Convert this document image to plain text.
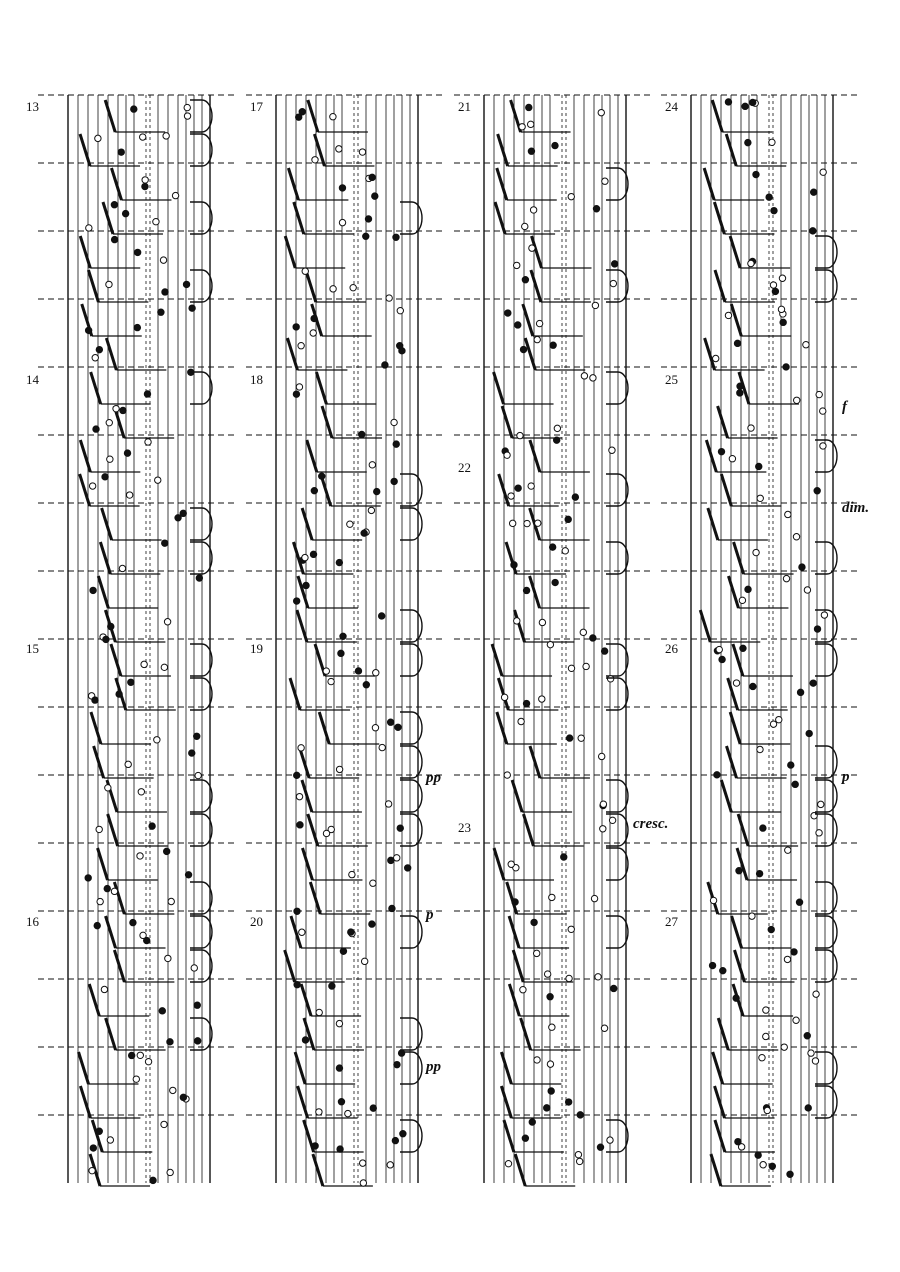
13
14
15
16
17
18
19
20
21
22
23
24
25
26
27
pp
p
pp
cresc.
f
dim.
p
